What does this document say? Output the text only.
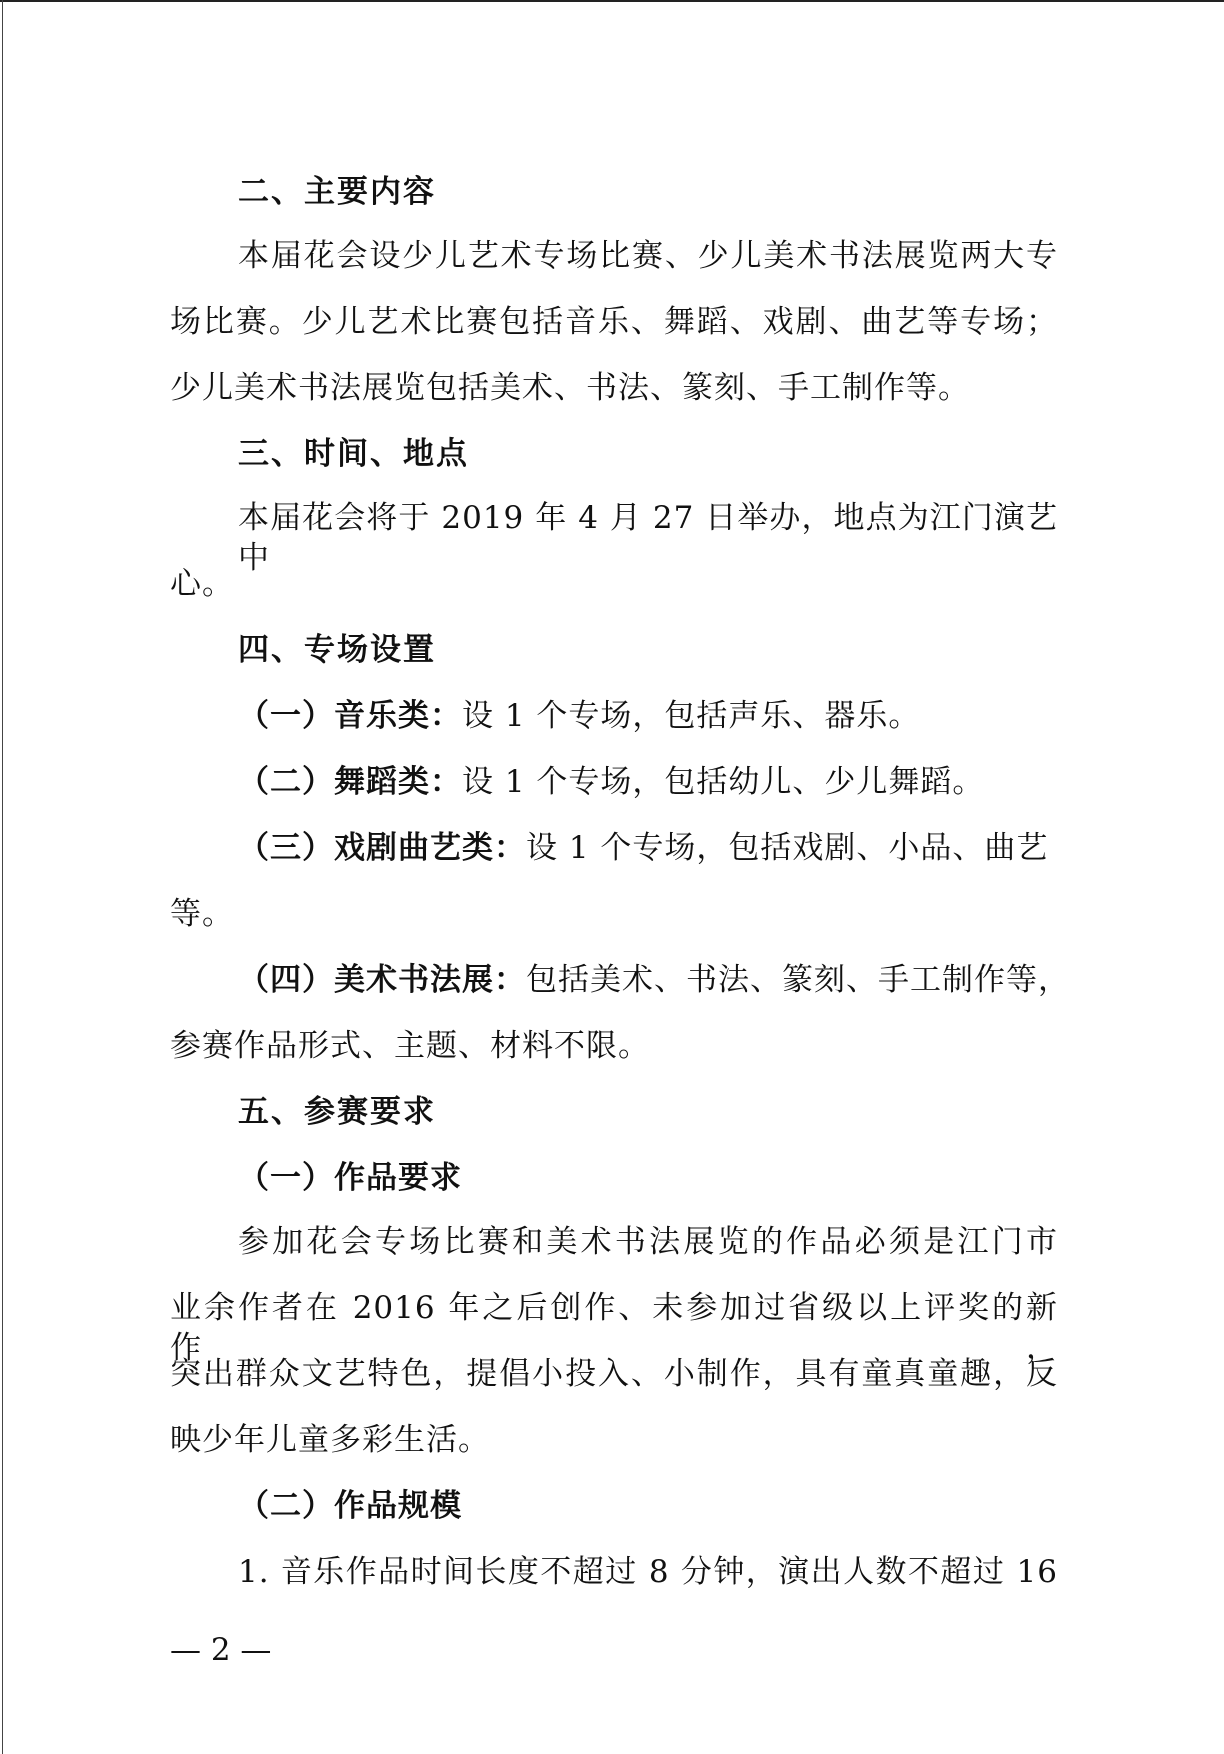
二、主要内容
本届花会设少儿艺术专场比赛、少儿美术书法展览两大专
场比赛。少儿艺术比赛包括音乐、舞蹈、戏剧、曲艺等专场；
少儿美术书法展览包括美术、书法、篆刻、手工制作等。
三、时间、地点
本届花会将于 2019 年 4 月 27 日举办，地点为江门演艺中
心。
四、专场设置
（一）音乐类：设 1 个专场，包括声乐、器乐。
（二）舞蹈类：设 1 个专场，包括幼儿、少儿舞蹈。
（三）戏剧曲艺类：设 1 个专场，包括戏剧、小品、曲艺
等。
（四）美术书法展：包括美术、书法、篆刻、手工制作等，
参赛作品形式、主题、材料不限。
五、参赛要求
（一）作品要求
参加花会专场比赛和美术书法展览的作品必须是江门市
业余作者在 2016 年之后创作、未参加过省级以上评奖的新作，
突出群众文艺特色，提倡小投入、小制作，具有童真童趣，反
映少年儿童多彩生活。
（二）作品规模
1. 音乐作品时间长度不超过 8 分钟，演出人数不超过 16
— 2 —
